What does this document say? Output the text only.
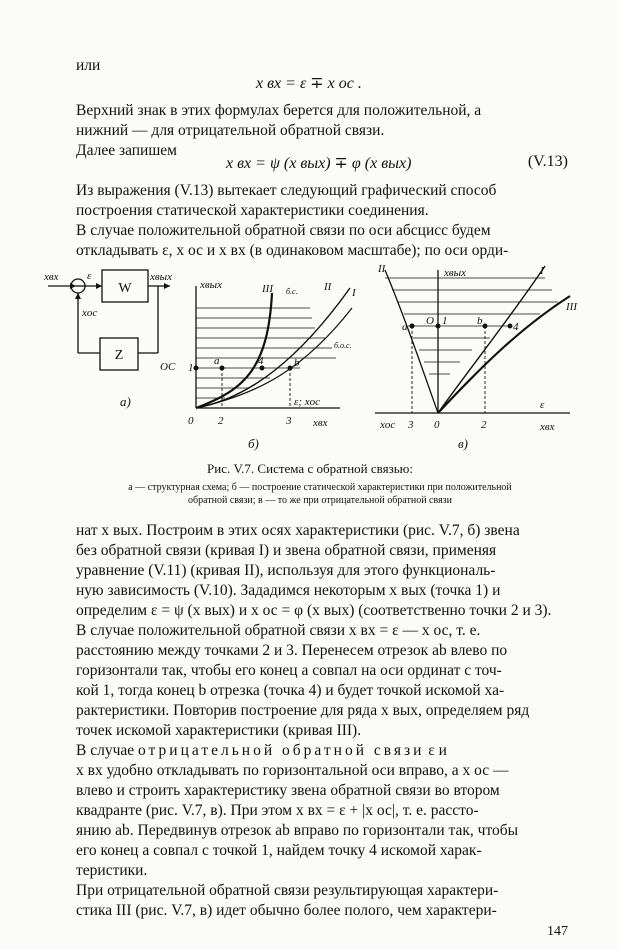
или
x вх = ε ∓ x ос .
Верхний знак в этих формулах берется для положительной, а
нижний — для отрицательной обратной связи.
Далее запишем
x вх = ψ (x вых) ∓ φ (x вых)	(V.13)
Из выражения (V.13) вытекает следующий графический способ
построения статической характеристики соединения.
В случае положительной обратной связи по оси абсцисс будем
откладывать ε, x ос и x вх (в одинаковом масштабе); по оси орди-
xвх	ε	xвых
xос
ОС
а)
W
Z
xвых
xвх
ε; xос
I
II
III
1
2	3
4
a	b
0
б)
б.с.
б.о.с.
xвых
xвх
ε
xос
I
II
III
1
2
3
4
a	b
0
O
в)
Рис. V.7. Система с обратной связью:
а — структурная схема; б — построение статической характеристики при положительной
обратной связи; в — то же при отрицательной обратной связи
нат x вых. Построим в этих осях характеристики (рис. V.7, б) звена
без обратной связи (кривая I) и звена обратной связи, применяя
уравнение (V.11) (кривая II), используя для этого функциональ-
ную зависимость (V.10). Зададимся некоторым x вых (точка 1) и
определим ε = ψ (x вых) и x ос = φ (x вых) (соответственно точки 2 и 3).
В случае положительной обратной связи x вх = ε — x ос, т. е.
расстоянию между точками 2 и 3. Перенесем отрезок ab влево по
горизонтали так, чтобы его конец a совпал на оси ординат с точ-
кой 1, тогда конец b отрезка (точка 4) и будет точкой искомой ха-
рактеристики. Повторив построение для ряда x вых, определяем ряд
точек искомой характеристики (кривая III).
В случае отрицательной обратной связи ε и
x вх удобно откладывать по горизонтальной оси вправо, а x ос —
влево и строить характеристику звена обратной связи во втором
квадранте (рис. V.7, в). При этом x вх = ε + |x ос|, т. е. рассто-
янию ab. Передвинув отрезок ab вправо по горизонтали так, чтобы
его конец a совпал с точкой 1, найдем точку 4 искомой харак-
теристики.
При отрицательной обратной связи результирующая характери-
стика III (рис. V.7, в) идет обычно более полого, чем характери-
147
